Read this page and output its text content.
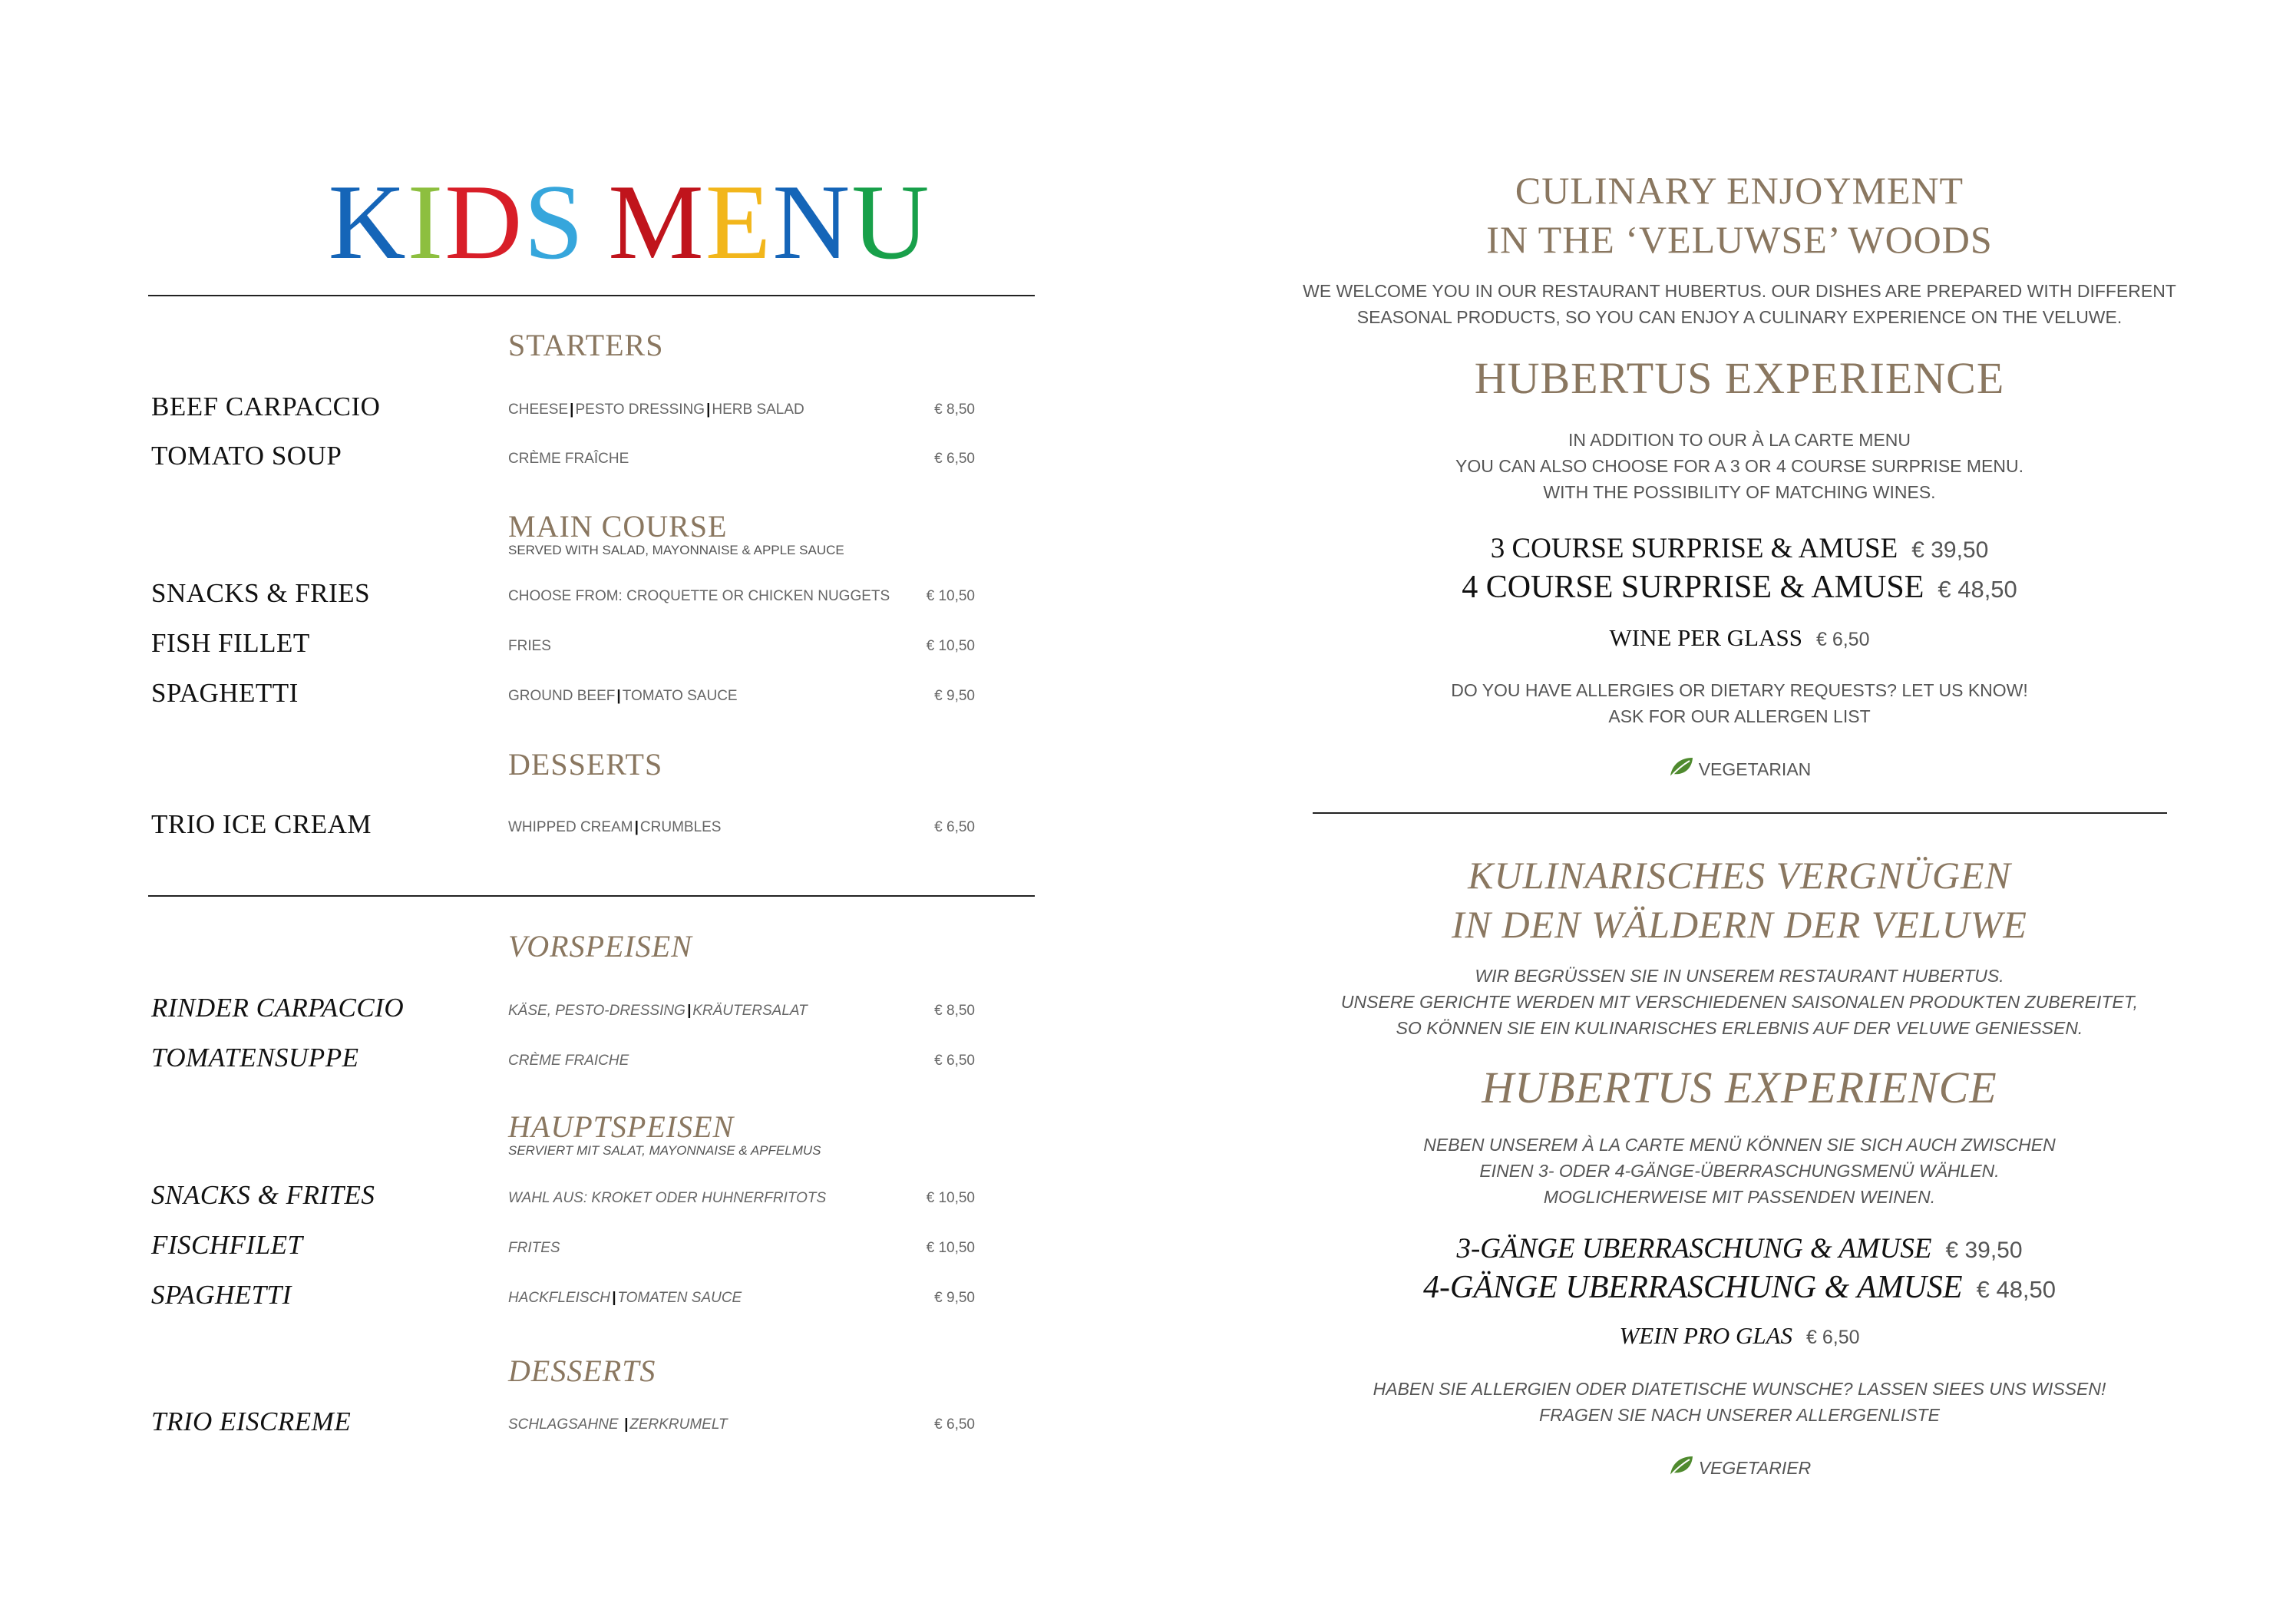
KIDS MENU
STARTERS
BEEF CARPACCIO	CHEESE | PESTO DRESSING | HERB SALAD	€ 8,50
TOMATO SOUP	CRÈME FRAÎCHE	€ 6,50
MAIN COURSE
SERVED WITH SALAD, MAYONNAISE & APPLE SAUCE
SNACKS & FRIES	CHOOSE FROM: CROQUETTE OR CHICKEN NUGGETS	€ 10,50
FISH FILLET	FRIES	€ 10,50
SPAGHETTI	GROUND BEEF | TOMATO SAUCE	€ 9,50
DESSERTS
TRIO ICE CREAM	WHIPPED CREAM | CRUMBLES	€ 6,50
VORSPEISEN
RINDER CARPACCIO	KÄSE, PESTO-DRESSING | KRÄUTERSALAT	€ 8,50
TOMATENSUPPE	CRÈME FRAICHE	€ 6,50
HAUPTSPEISEN
SERVIERT MIT SALAT, MAYONNAISE & APFELMUS
SNACKS & FRITES	WAHL AUS: KROKET ODER HUHNERFRITOTS	€ 10,50
FISCHFILET	FRITES	€ 10,50
SPAGHETTI	HACKFLEISCH | TOMATEN SAUCE	€ 9,50
DESSERTS
TRIO EISCREME	SCHLAGSAHNE | ZERKRUMELT	€ 6,50
CULINARY ENJOYMENT
IN THE ‘VELUWSE’ WOODS
WE WELCOME YOU IN OUR RESTAURANT HUBERTUS. OUR DISHES ARE PREPARED WITH DIFFERENT
SEASONAL PRODUCTS, SO YOU CAN ENJOY A CULINARY EXPERIENCE ON THE VELUWE.
HUBERTUS EXPERIENCE
IN ADDITION TO OUR À LA CARTE MENU
YOU CAN ALSO CHOOSE FOR A 3 OR 4 COURSE SURPRISE MENU.
WITH THE POSSIBILITY OF MATCHING WINES.
3 COURSE SURPRISE & AMUSE € 39,50
4 COURSE SURPRISE & AMUSE € 48,50
WINE PER GLASS € 6,50
DO YOU HAVE ALLERGIES OR DIETARY REQUESTS? LET US KNOW!
ASK FOR OUR ALLERGEN LIST
VEGETARIAN
KULINARISCHES VERGNÜGEN
IN DEN WÄLDERN DER VELUWE
WIR BEGRÜSSEN SIE IN UNSEREM RESTAURANT HUBERTUS.
UNSERE GERICHTE WERDEN MIT VERSCHIEDENEN SAISONALEN PRODUKTEN ZUBEREITET,
SO KÖNNEN SIE EIN KULINARISCHES ERLEBNIS AUF DER VELUWE GENIESSEN.
HUBERTUS EXPERIENCE
NEBEN UNSEREM À LA CARTE MENÜ KÖNNEN SIE SICH AUCH ZWISCHEN
EINEN 3- ODER 4-GÄNGE-ÜBERRASCHUNGSMENÜ WÄHLEN.
MOGLICHERWEISE MIT PASSENDEN WEINEN.
3-GÄNGE UBERRASCHUNG & AMUSE € 39,50
4-GÄNGE UBERRASCHUNG & AMUSE € 48,50
WEIN PRO GLAS € 6,50
HABEN SIE ALLERGIEN ODER DIATETISCHE WUNSCHE? LASSEN SIEES UNS WISSEN!
FRAGEN SIE NACH UNSERER ALLERGENLISTE
VEGETARIER
